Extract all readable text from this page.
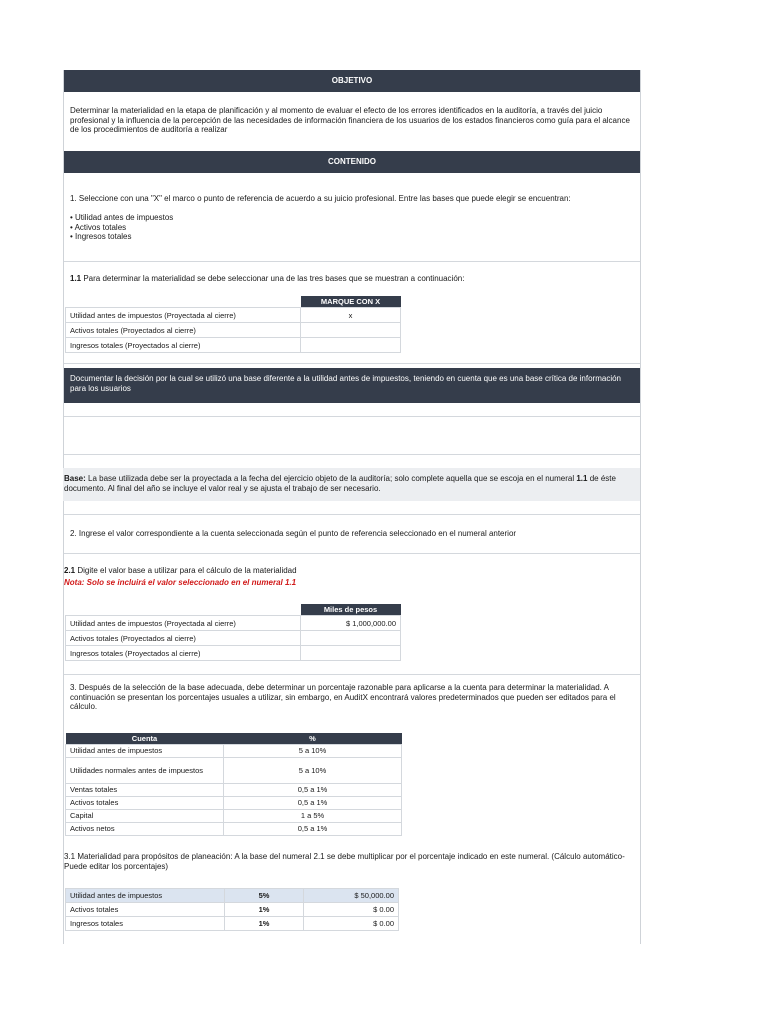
OBJETIVO
Determinar la materialidad en la etapa de planificación y al momento de evaluar el efecto de los errores identificados en la auditoría, a través del juicio profesional y la influencia de la percepción de las necesidades de información financiera de los usuarios de los estados financieros como guía para el alcance de los procedimientos de auditoría a realizar
CONTENIDO
1. Seleccione con una "X" el marco o punto de referencia de acuerdo a su juicio profesional. Entre las bases que puede elegir se encuentran:
• Utilidad antes de impuestos
• Activos totales
• Ingresos totales
1.1 Para determinar la materialidad se debe seleccionar una de las tres bases que se muestran a continuación:
	MARQUE CON X
Utilidad antes de impuestos (Proyectada al cierre)	x
Activos totales (Proyectados al cierre)	
Ingresos totales (Proyectados al cierre)	
Documentar la decisión por la cual se utilizó una base diferente a la utilidad antes de impuestos, teniendo en cuenta que es una base crítica de información para los usuarios
Base: La base utilizada debe ser la proyectada a la fecha del ejercicio objeto de la auditoría; solo complete aquella que se escoja en el numeral 1.1 de éste documento. Al final del año se incluye el valor real y se ajusta el trabajo de ser necesario.
2. Ingrese el valor correspondiente a la cuenta seleccionada según el punto de referencia seleccionado en el numeral anterior
2.1 Digite el valor base a utilizar para el cálculo de la materialidad
Nota: Solo se incluirá el valor seleccionado en el numeral 1.1
	Miles de pesos
Utilidad antes de impuestos (Proyectada al cierre)	$ 1,000,000.00
Activos totales (Proyectados al cierre)	
Ingresos totales (Proyectados al cierre)	
3. Después de la selección de la base adecuada, debe determinar un porcentaje razonable para aplicarse a la cuenta para determinar la materialidad. A continuación se presentan los porcentajes usuales a utilizar, sin embargo, en AuditX encontrará valores predeterminados que pueden ser editados para el cálculo.
Cuenta	%
Utilidad antes de impuestos	5 a 10%
Utilidades normales antes de impuestos	5 a 10%
Ventas totales	0,5 a 1%
Activos totales	0,5 a 1%
Capital	1 a 5%
Activos netos	0,5 a 1%
3.1 Materialidad para propósitos de planeación: A la base del numeral 2.1 se debe multiplicar por el porcentaje indicado en este numeral. (Cálculo automático-Puede editar los porcentajes)
Utilidad antes de impuestos	5%	$ 50,000.00
Activos totales	1%	$ 0.00
Ingresos totales	1%	$ 0.00
